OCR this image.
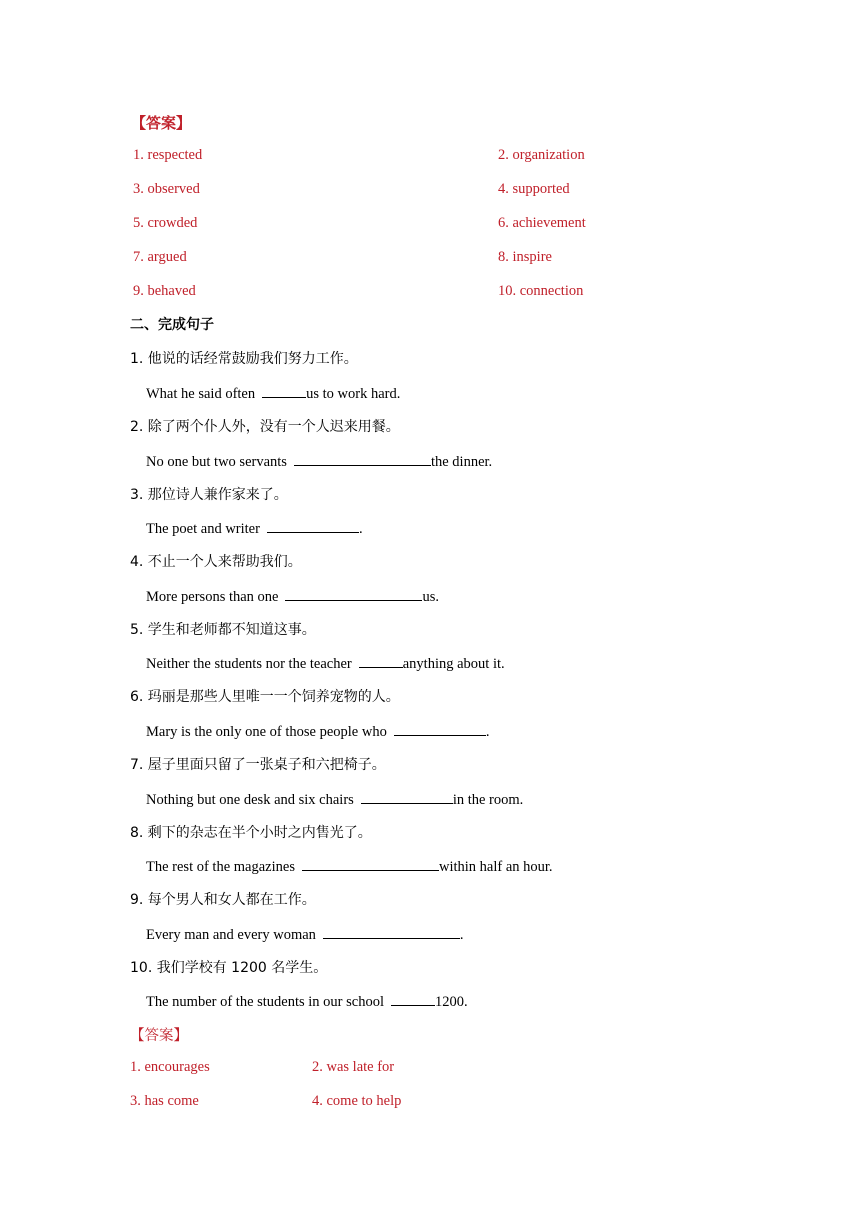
【答案】
1. respected	2. organization
3. observed	4. supported
5. crowded	6. achievement
7. argued	8. inspire
9. behaved	10. connection
二、完成句子
1. 他说的话经常鼓励我们努力工作。
What he said often	us to work hard.
2. 除了两个仆人外，没有一个人迟来用餐。
No one but two servants	the dinner.
3. 那位诗人兼作家来了。
The poet and writer	.
4. 不止一个人来帮助我们。
More persons than one	us.
5. 学生和老师都不知道这事。
Neither the students nor the teacher	anything about it.
6. 玛丽是那些人里唯一一个饲养宠物的人。
Mary is the only one of those people who	.
7. 屋子里面只留了一张桌子和六把椅子。
Nothing but one desk and six chairs	in the room.
8. 剩下的杂志在半个小时之内售光了。
The rest of the magazines	within half an hour.
9. 每个男人和女人都在工作。
Every man and every woman	.
10. 我们学校有 1200 名学生。
The number of the students in our school	1200.
【答案】
1. encourages	2. was late for
3. has come	4. come to help
